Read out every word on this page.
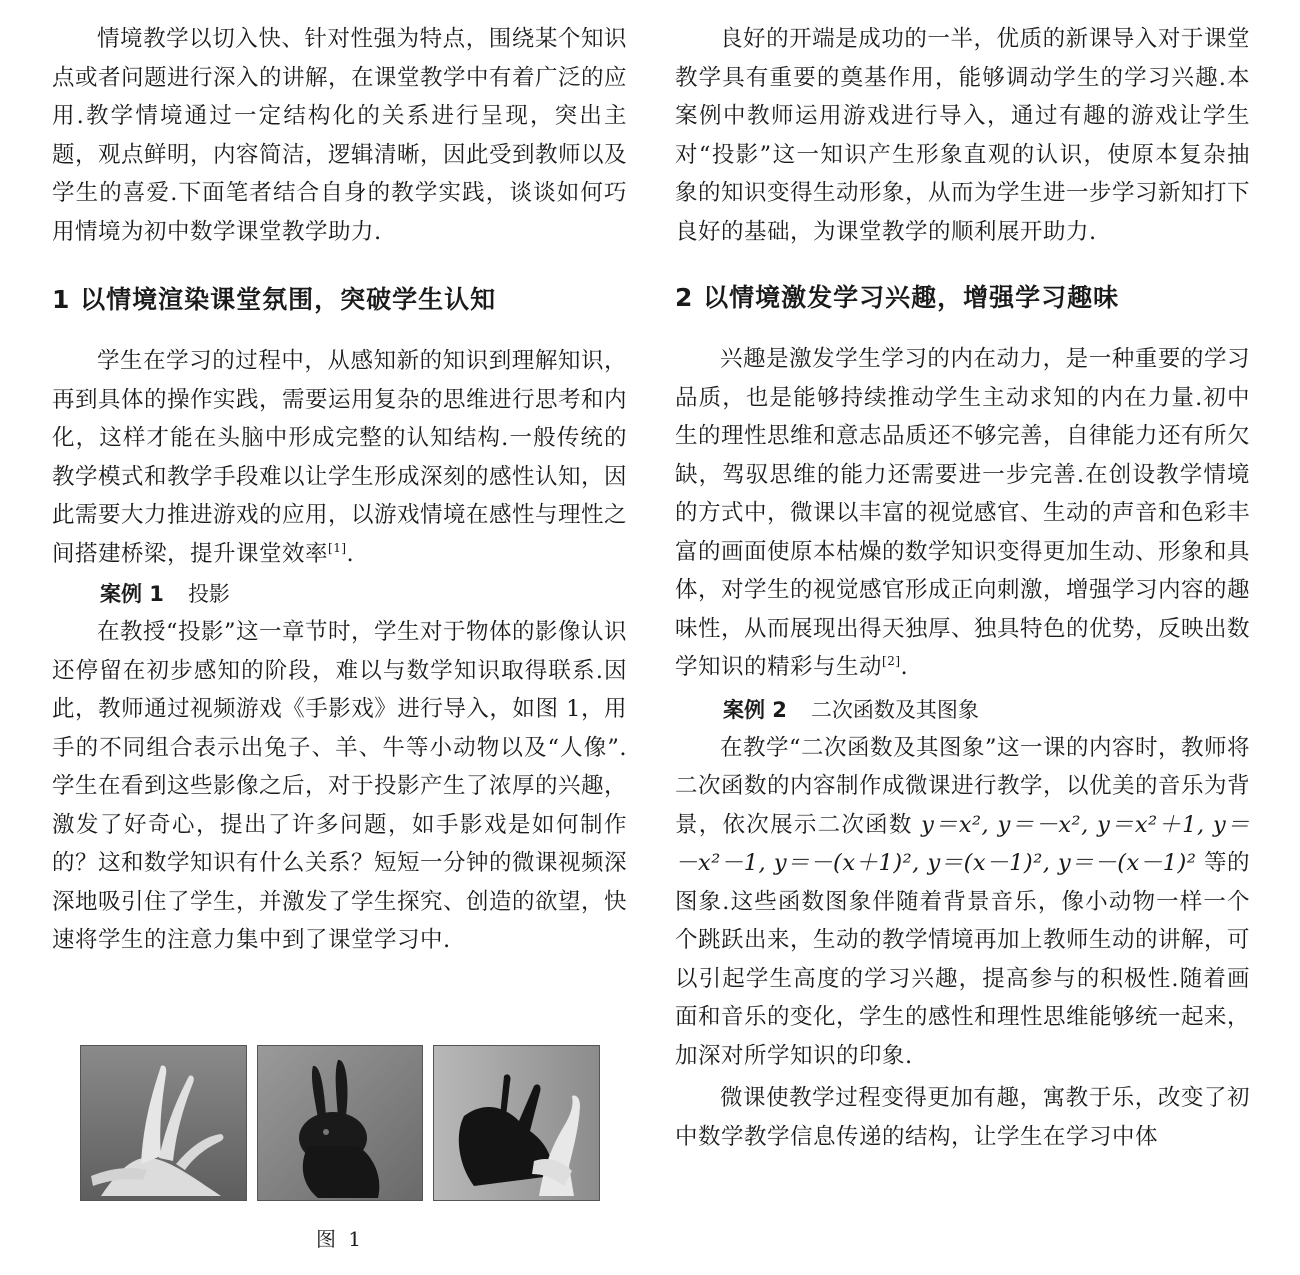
情境教学以切入快、针对性强为特点，围绕某个知识点或者问题进行深入的讲解，在课堂教学中有着广泛的应用.教学情境通过一定结构化的关系进行呈现，突出主题，观点鲜明，内容简洁，逻辑清晰，因此受到教师以及学生的喜爱.下面笔者结合自身的教学实践，谈谈如何巧用情境为初中数学课堂教学助力.

1 以情境渲染课堂氛围，突破学生认知

学生在学习的过程中，从感知新的知识到理解知识，再到具体的操作实践，需要运用复杂的思维进行思考和内化，这样才能在头脑中形成完整的认知结构.一般传统的教学模式和教学手段难以让学生形成深刻的感性认知，因此需要大力推进游戏的应用，以游戏情境在感性与理性之间搭建桥梁，提升课堂效率[1].

案例 1 投影

在教授“投影”这一章节时，学生对于物体的影像认识还停留在初步感知的阶段，难以与数学知识取得联系.因此，教师通过视频游戏《手影戏》进行导入，如图 1，用手的不同组合表示出兔子、羊、牛等小动物以及“人像”.学生在看到这些影像之后，对于投影产生了浓厚的兴趣，激发了好奇心，提出了许多问题，如手影戏是如何制作的？这和数学知识有什么关系？短短一分钟的微课视频深深地吸引住了学生，并激发了学生探究、创造的欲望，快速将学生的注意力集中到了课堂学习中.

图 1

良好的开端是成功的一半，优质的新课导入对于课堂教学具有重要的奠基作用，能够调动学生的学习兴趣.本案例中教师运用游戏进行导入，通过有趣的游戏让学生对“投影”这一知识产生形象直观的认识，使原本复杂抽象的知识变得生动形象，从而为学生进一步学习新知打下良好的基础，为课堂教学的顺利展开助力.

2 以情境激发学习兴趣，增强学习趣味

兴趣是激发学生学习的内在动力，是一种重要的学习品质，也是能够持续推动学生主动求知的内在力量.初中生的理性思维和意志品质还不够完善，自律能力还有所欠缺，驾驭思维的能力还需要进一步完善.在创设教学情境的方式中，微课以丰富的视觉感官、生动的声音和色彩丰富的画面使原本枯燥的数学知识变得更加生动、形象和具体，对学生的视觉感官形成正向刺激，增强学习内容的趣味性，从而展现出得天独厚、独具特色的优势，反映出数学知识的精彩与生动[2].

案例 2 二次函数及其图象

在教学“二次函数及其图象”这一课的内容时，教师将二次函数的内容制作成微课进行教学，以优美的音乐为背景，依次展示二次函数 y＝x², y＝－x², y＝x²＋1, y＝－x²－1, y＝－(x＋1)², y＝(x－1)², y＝－(x－1)² 等的图象.这些函数图象伴随着背景音乐，像小动物一样一个个跳跃出来，生动的教学情境再加上教师生动的讲解，可以引起学生高度的学习兴趣，提高参与的积极性.随着画面和音乐的变化，学生的感性和理性思维能够统一起来，加深对所学知识的印象.

微课使教学过程变得更加有趣，寓教于乐，改变了初中数学教学信息传递的结构，让学生在学习中体
